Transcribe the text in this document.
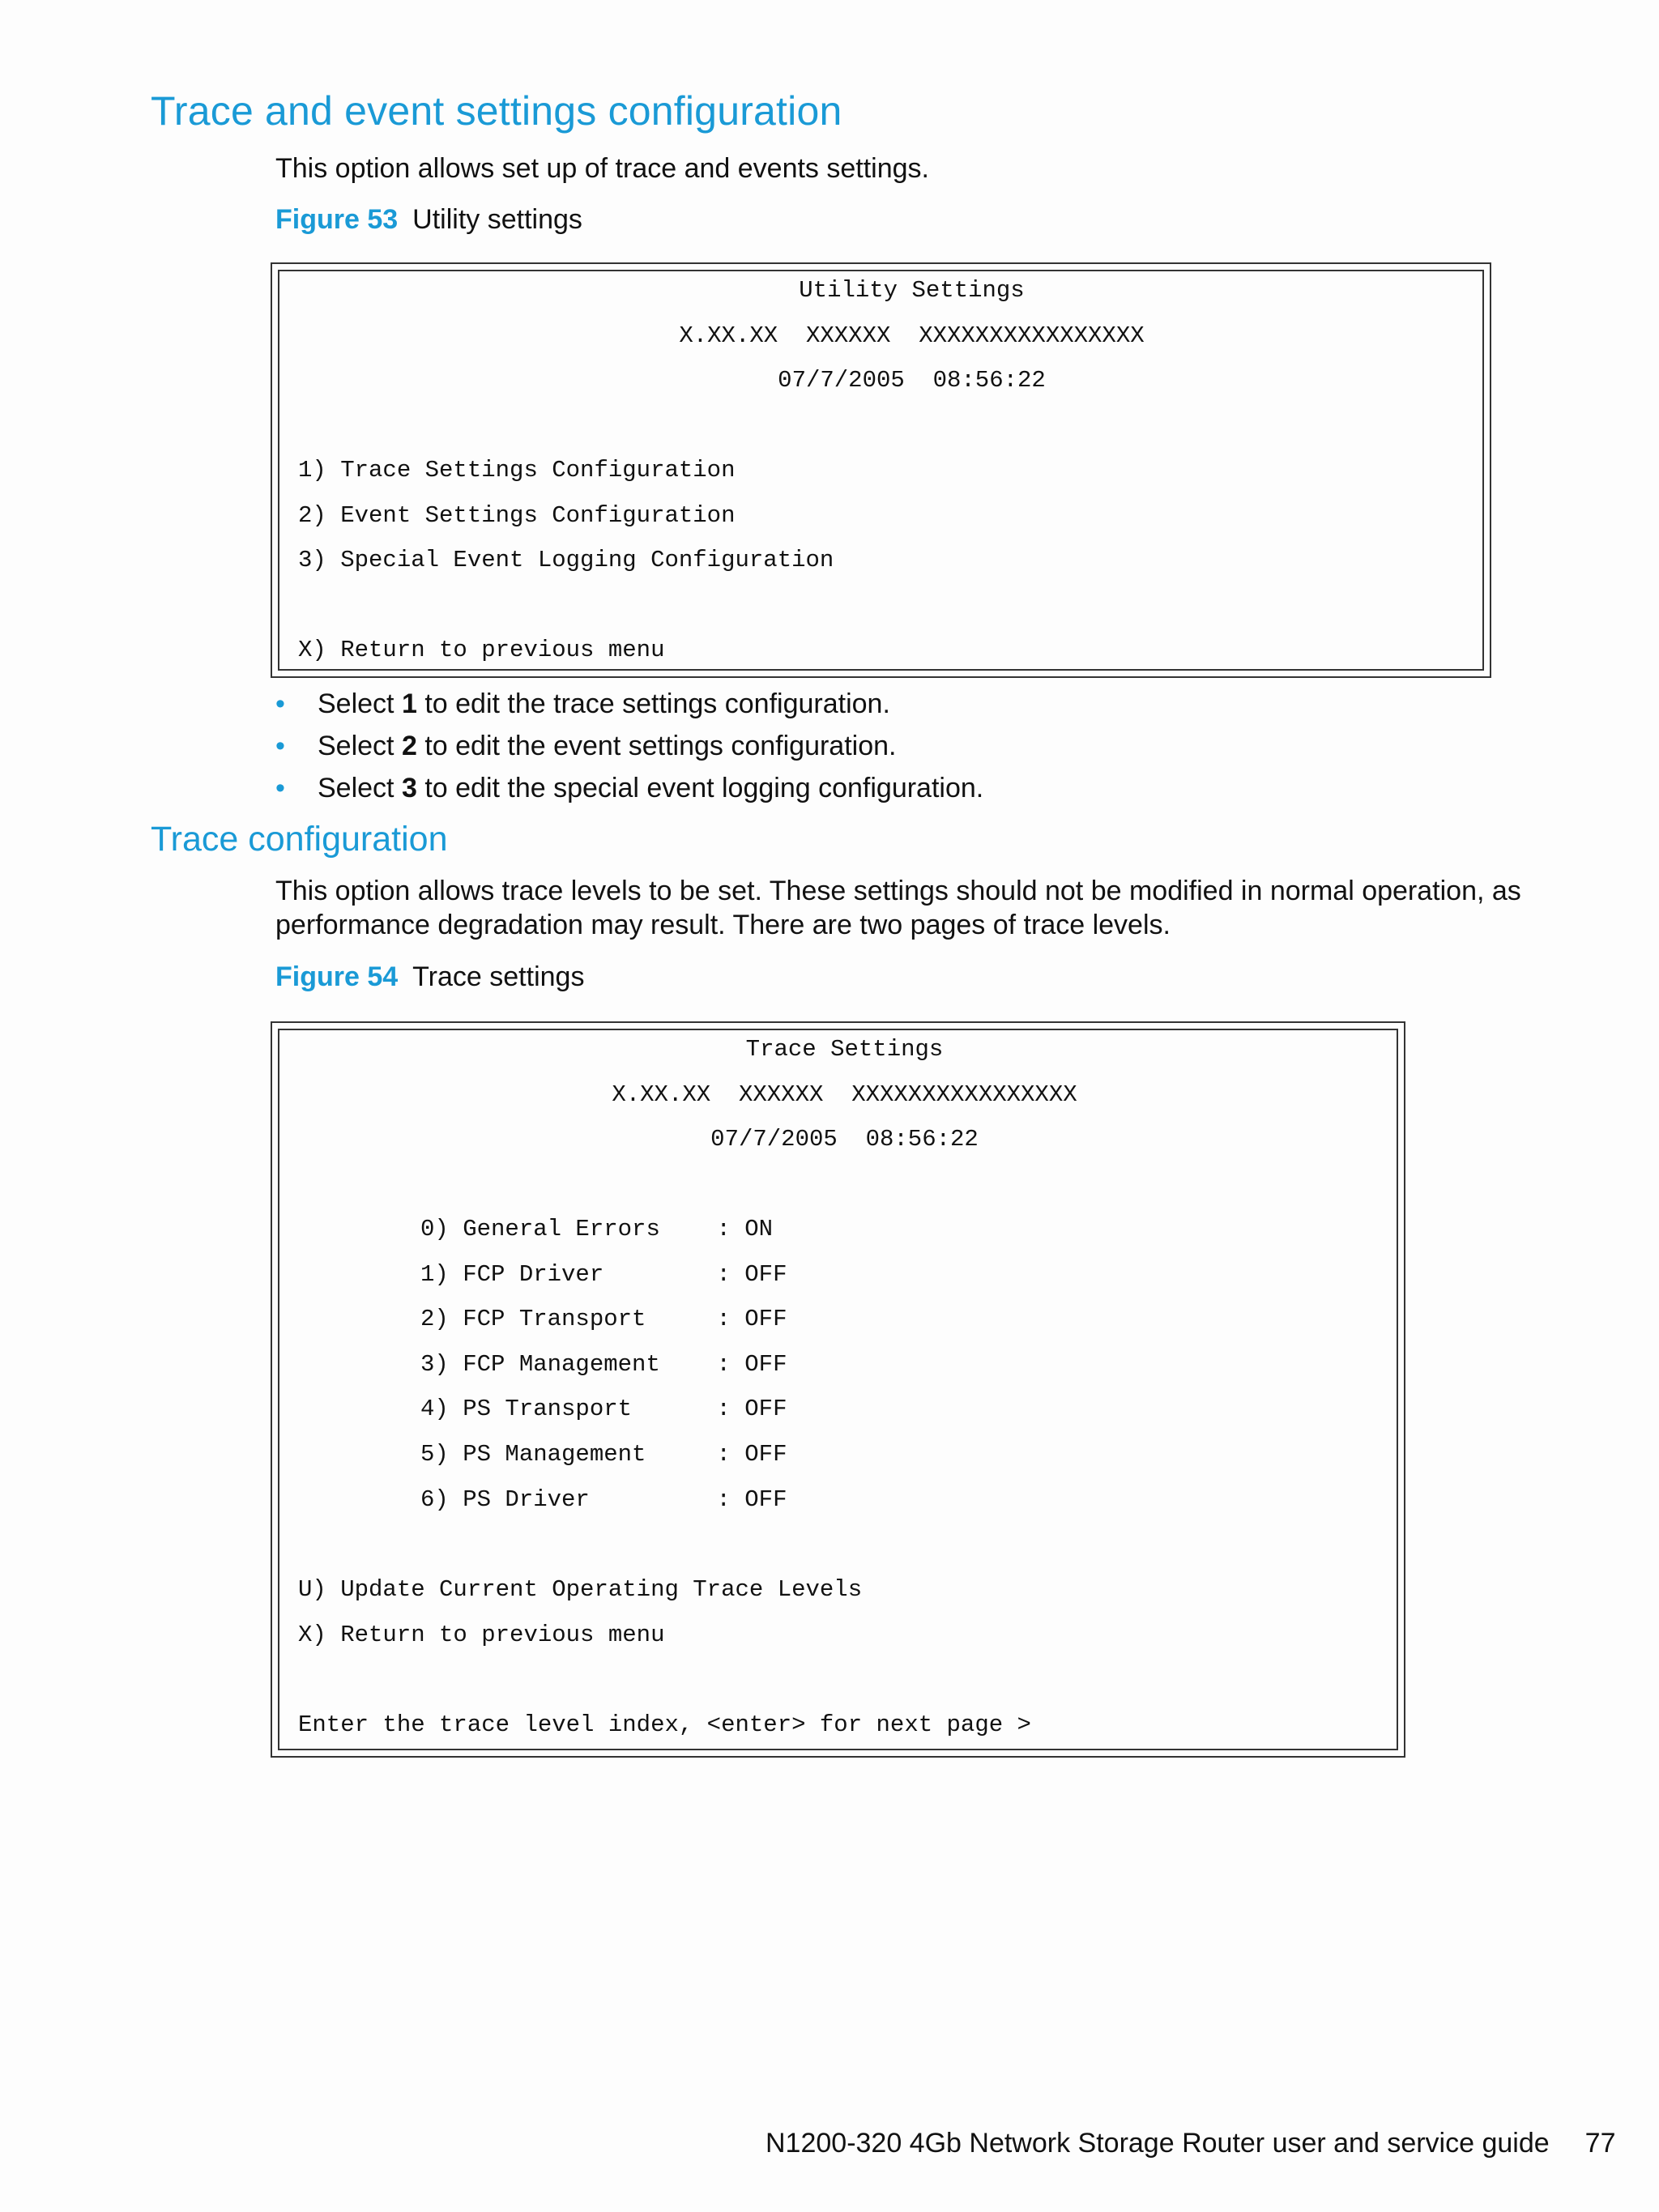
Trace and event settings configuration

This option allows set up of trace and events settings.

Figure 53 Utility settings

Utility Settings
X.XX.XX  XXXXXX  XXXXXXXXXXXXXXXX
07/7/2005  08:56:22
1) Trace Settings Configuration
2) Event Settings Configuration
3) Special Event Logging Configuration
X) Return to previous menu
• Select 1 to edit the trace settings configuration.
• Select 2 to edit the event settings configuration.
• Select 3 to edit the special event logging configuration.
Trace configuration

This option allows trace levels to be set. These settings should not be modified in normal operation, as

performance degradation may result. There are two pages of trace levels.

Figure 54 Trace settings

Trace Settings
X.XX.XX  XXXXXX  XXXXXXXXXXXXXXXX
07/7/2005  08:56:22
0) General Errors    : ON
1) FCP Driver        : OFF
2) FCP Transport     : OFF
3) FCP Management    : OFF
4) PS Transport      : OFF
5) PS Management     : OFF
6) PS Driver         : OFF
U) Update Current Operating Trace Levels
X) Return to previous menu
Enter the trace level index, <enter> for next page >
N1200-320 4Gb Network Storage Router user and service guide 77
